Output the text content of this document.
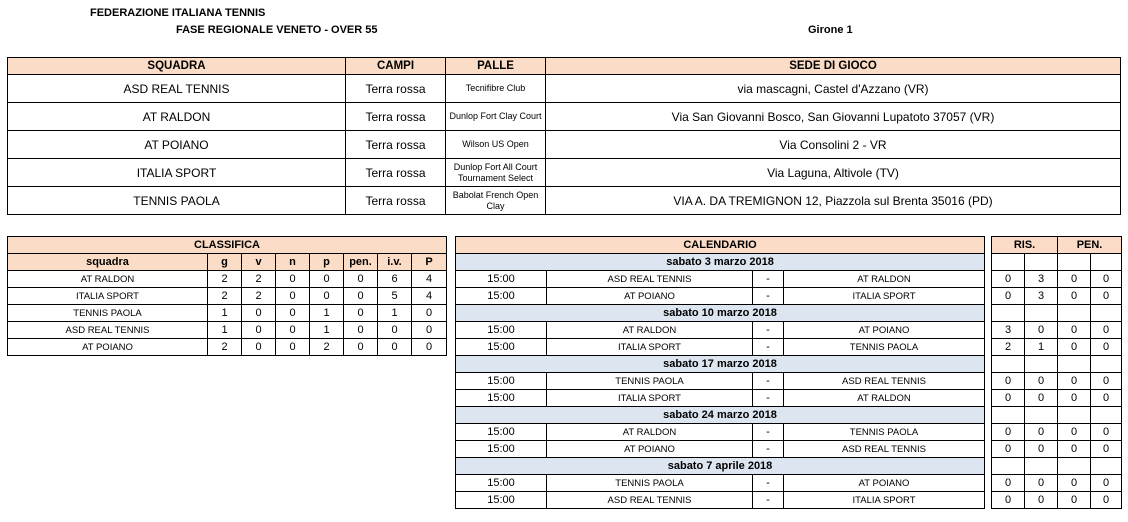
FEDERAZIONE ITALIANA TENNIS
FASE REGIONALE VENETO - OVER 55	Girone 1
SQUADRA	CAMPI	PALLE	SEDE DI GIOCO
ASD REAL TENNIS	Terra rossa	Tecnifibre Club	via mascagni, Castel d'Azzano (VR)
AT RALDON	Terra rossa	Dunlop Fort Clay Court	Via San Giovanni Bosco, San Giovanni Lupatoto 37057 (VR)
AT POIANO	Terra rossa	Wilson US Open	Via Consolini 2 - VR
ITALIA SPORT	Terra rossa	Dunlop Fort All Court Tournament Select	Via Laguna, Altivole (TV)
TENNIS PAOLA	Terra rossa	Babolat French Open Clay	VIA A. DA TREMIGNON 12, Piazzola sul Brenta 35016 (PD)
CLASSIFICA							
squadra	g	v	n	p	pen.	i.v.	P
AT RALDON	2	2	0	0	0	6	4
ITALIA SPORT	2	2	0	0	0	5	4
TENNIS PAOLA	1	0	0	1	0	1	0
ASD REAL TENNIS	1	0	0	1	0	0	0
AT POIANO	2	0	0	2	0	0	0
CALENDARIO					RIS.		PEN.	
sabato 3 marzo 2018								
15:00	ASD REAL TENNIS	-	AT RALDON		0	3	0	0
15:00	AT POIANO	-	ITALIA SPORT		0	3	0	0
sabato 10 marzo 2018								
15:00	AT RALDON	-	AT POIANO		3	0	0	0
15:00	ITALIA SPORT	-	TENNIS PAOLA		2	1	0	0
sabato 17 marzo 2018								
15:00	TENNIS PAOLA	-	ASD REAL TENNIS		0	0	0	0
15:00	ITALIA SPORT	-	AT RALDON		0	0	0	0
sabato 24 marzo 2018								
15:00	AT RALDON	-	TENNIS PAOLA		0	0	0	0
15:00	AT POIANO	-	ASD REAL TENNIS		0	0	0	0
sabato 7 aprile 2018								
15:00	TENNIS PAOLA	-	AT POIANO		0	0	0	0
15:00	ASD REAL TENNIS	-	ITALIA SPORT		0	0	0	0
